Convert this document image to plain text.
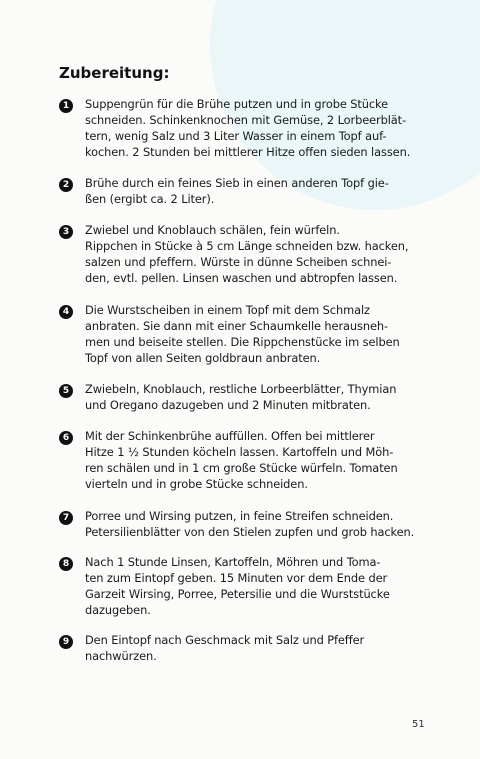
Zubereitung:
1	Suppengrün für die Brühe putzen und in grobe Stücke
schneiden. Schinkenknochen mit Gemüse, 2 Lorbeerblät-
tern, wenig Salz und 3 Liter Wasser in einem Topf auf-
kochen. 2 Stunden bei mittlerer Hitze offen sieden lassen.
2	Brühe durch ein feines Sieb in einen anderen Topf gie-
ßen (ergibt ca. 2 Liter).
3	Zwiebel und Knoblauch schälen, fein würfeln.
Rippchen in Stücke à 5 cm Länge schneiden bzw. hacken,
salzen und pfeffern. Würste in dünne Scheiben schnei-
den, evtl. pellen. Linsen waschen und abtropfen lassen.
4	Die Wurstscheiben in einem Topf mit dem Schmalz
anbraten. Sie dann mit einer Schaumkelle herausneh-
men und beiseite stellen. Die Rippchenstücke im selben
Topf von allen Seiten goldbraun anbraten.
5	Zwiebeln, Knoblauch, restliche Lorbeerblätter, Thymian
und Oregano dazugeben und 2 Minuten mitbraten.
6	Mit der Schinkenbrühe auffüllen. Offen bei mittlerer
Hitze 1 ½ Stunden köcheln lassen. Kartoffeln und Möh-
ren schälen und in 1 cm große Stücke würfeln. Tomaten
vierteln und in grobe Stücke schneiden.
7	Porree und Wirsing putzen, in feine Streifen schneiden.
Petersilienblätter von den Stielen zupfen und grob hacken.
8	Nach 1 Stunde Linsen, Kartoffeln, Möhren und Toma-
ten zum Eintopf geben. 15 Minuten vor dem Ende der
Garzeit Wirsing, Porree, Petersilie und die Wurststücke
dazugeben.
9	Den Eintopf nach Geschmack mit Salz und Pfeffer
nachwürzen.
51
